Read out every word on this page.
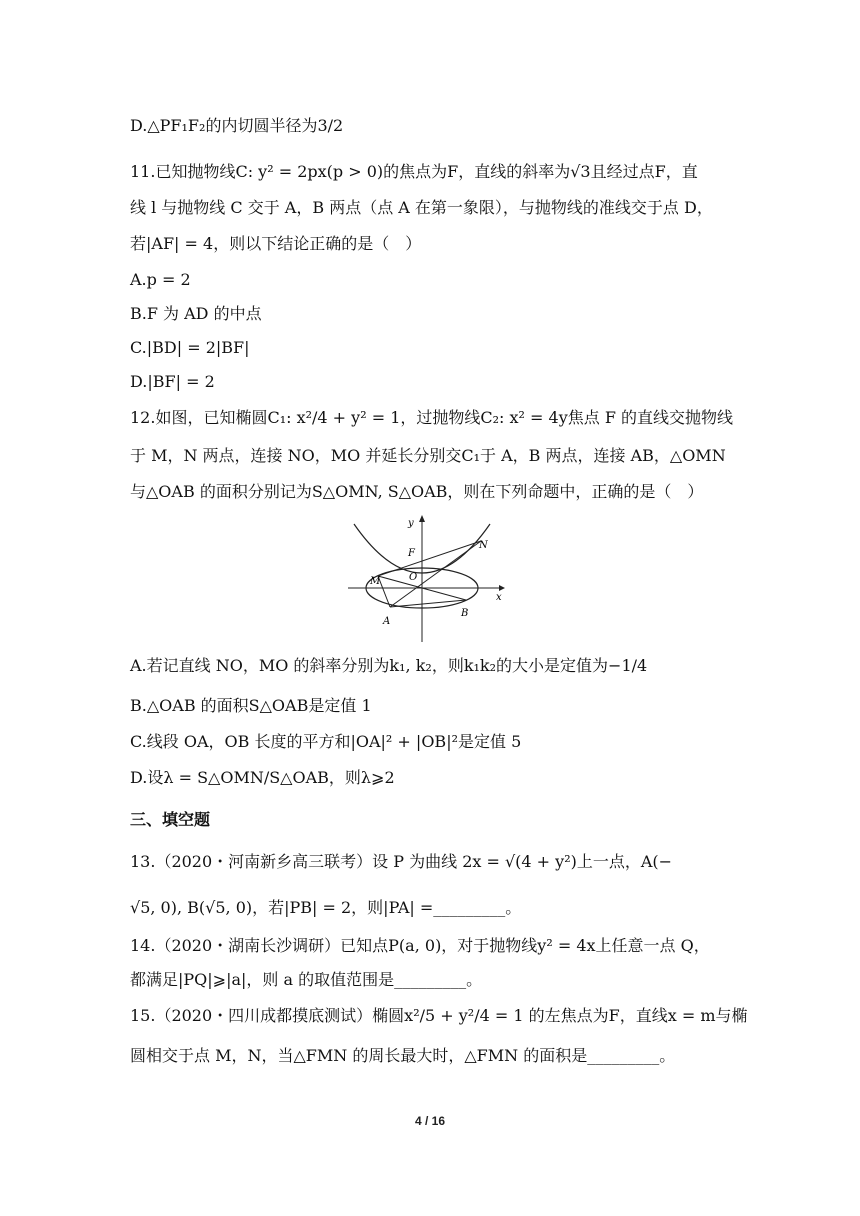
D.△PF₁F₂的内切圆半径为3/2
11.已知抛物线C: y² = 2px(p > 0)的焦点为F，直线的斜率为√3且经过点F，直
线 l 与抛物线 C 交于 A，B 两点（点 A 在第一象限），与抛物线的准线交于点 D，
若|AF| = 4，则以下结论正确的是（　）
A.p = 2
B.F 为 AD 的中点
C.|BD| = 2|BF|
D.|BF| = 2
12.如图，已知椭圆C₁: x²/4 + y² = 1，过抛物线C₂: x² = 4y焦点 F 的直线交抛物线
于 M，N 两点，连接 NO，MO 并延长分别交C₁于 A，B 两点，连接 AB，△OMN
与△OAB 的面积分别记为S△OMN, S△OAB，则在下列命题中，正确的是（　）
y
x
F
N
O
M
A
B
A.若记直线 NO，MO 的斜率分别为k₁, k₂，则k₁k₂的大小是定值为−1/4
B.△OAB 的面积S△OAB是定值 1
C.线段 OA，OB 长度的平方和|OA|² + |OB|²是定值 5
D.设λ = S△OMN/S△OAB，则λ⩾2
三、填空题
13.（2020・河南新乡高三联考）设 P 为曲线 2x = √(4 + y²)上一点，A(−
√5, 0), B(√5, 0)，若|PB| = 2，则|PA| =_________。
14.（2020・湖南长沙调研）已知点P(a, 0)，对于抛物线y² = 4x上任意一点 Q，
都满足|PQ|⩾|a|，则 a 的取值范围是_________。
15.（2020・四川成都摸底测试）椭圆x²/5 + y²/4 = 1 的左焦点为F，直线x = m与椭
圆相交于点 M，N，当△FMN 的周长最大时，△FMN 的面积是_________。
4 / 16
